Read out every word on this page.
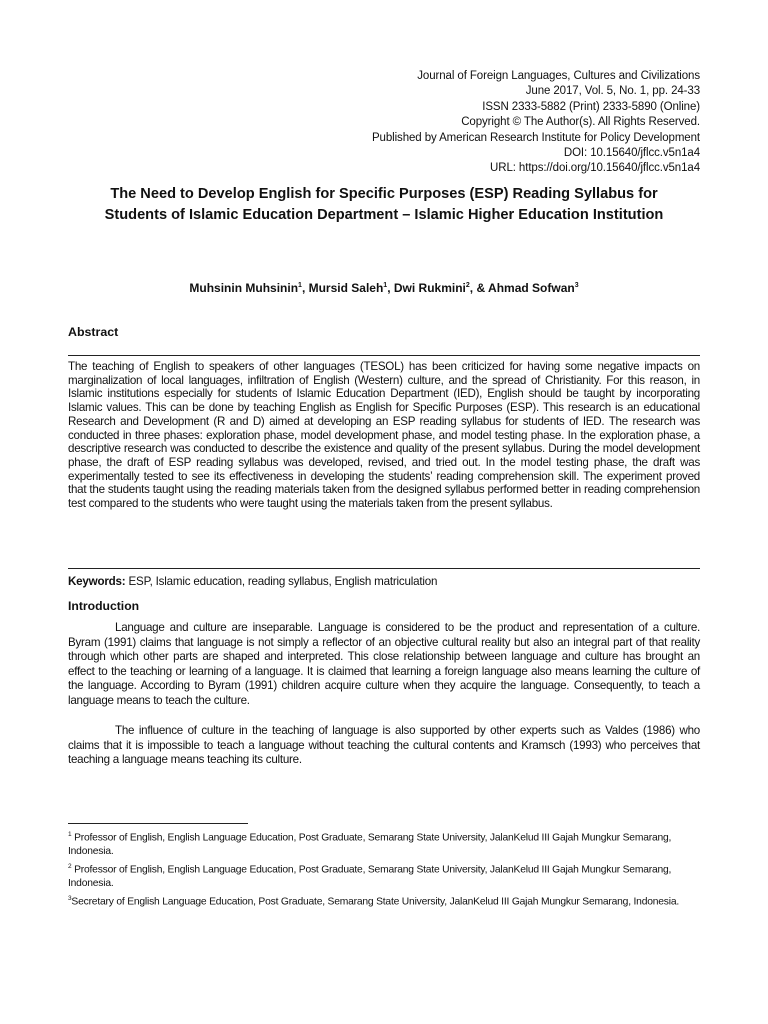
Journal of Foreign Languages, Cultures and Civilizations
June 2017, Vol. 5, No. 1, pp. 24-33
ISSN 2333-5882 (Print) 2333-5890 (Online)
Copyright © The Author(s). All Rights Reserved.
Published by American Research Institute for Policy Development
DOI: 10.15640/jflcc.v5n1a4
URL: https://doi.org/10.15640/jflcc.v5n1a4
The Need to Develop English for Specific Purposes (ESP) Reading Syllabus for
Students of Islamic Education Department – Islamic Higher Education Institution
Muhsinin Muhsinin$^1$, Mursid Saleh$^1$, Dwi Rukmini$^2$, & Ahmad Sofwan$^3$
Abstract
The teaching of English to speakers of other languages (TESOL) has been criticized for having some negative impacts on marginalization of local languages, infiltration of English (Western) culture, and the spread of Christianity. For this reason, in Islamic institutions especially for students of Islamic Education Department (IED), English should be taught by incorporating Islamic values. This can be done by teaching English as English for Specific Purposes (ESP). This research is an educational Research and Development (R and D) aimed at developing an ESP reading syllabus for students of IED. The research was conducted in three phases: exploration phase, model development phase, and model testing phase. In the exploration phase, a descriptive research was conducted to describe the existence and quality of the present syllabus. During the model development phase, the draft of ESP reading syllabus was developed, revised, and tried out. In the model testing phase, the draft was experimentally tested to see its effectiveness in developing the students’ reading comprehension skill. The experiment proved that the students taught using the reading materials taken from the designed syllabus performed better in reading comprehension test compared to the students who were taught using the materials taken from the present syllabus.
Keywords: ESP, Islamic education, reading syllabus, English matriculation
Introduction
Language and culture are inseparable. Language is considered to be the product and representation of a culture. Byram (1991) claims that language is not simply a reflector of an objective cultural reality but also an integral part of that reality through which other parts are shaped and interpreted. This close relationship between language and culture has brought an effect to the teaching or learning of a language. It is claimed that learning a foreign language also means learning the culture of the language. According to Byram (1991) children acquire culture when they acquire the language. Consequently, to teach a language means to teach the culture.
The influence of culture in the teaching of language is also supported by other experts such as Valdes (1986) who claims that it is impossible to teach a language without teaching the cultural contents and Kramsch (1993) who perceives that teaching a language means teaching its culture.
$^1$ Professor of English, English Language Education, Post Graduate, Semarang State University, JalanKelud III Gajah Mungkur Semarang, Indonesia.
$^2$ Professor of English, English Language Education, Post Graduate, Semarang State University, JalanKelud III Gajah Mungkur Semarang, Indonesia.
$^3$Secretary of English Language Education, Post Graduate, Semarang State University, JalanKelud III Gajah Mungkur Semarang, Indonesia.
